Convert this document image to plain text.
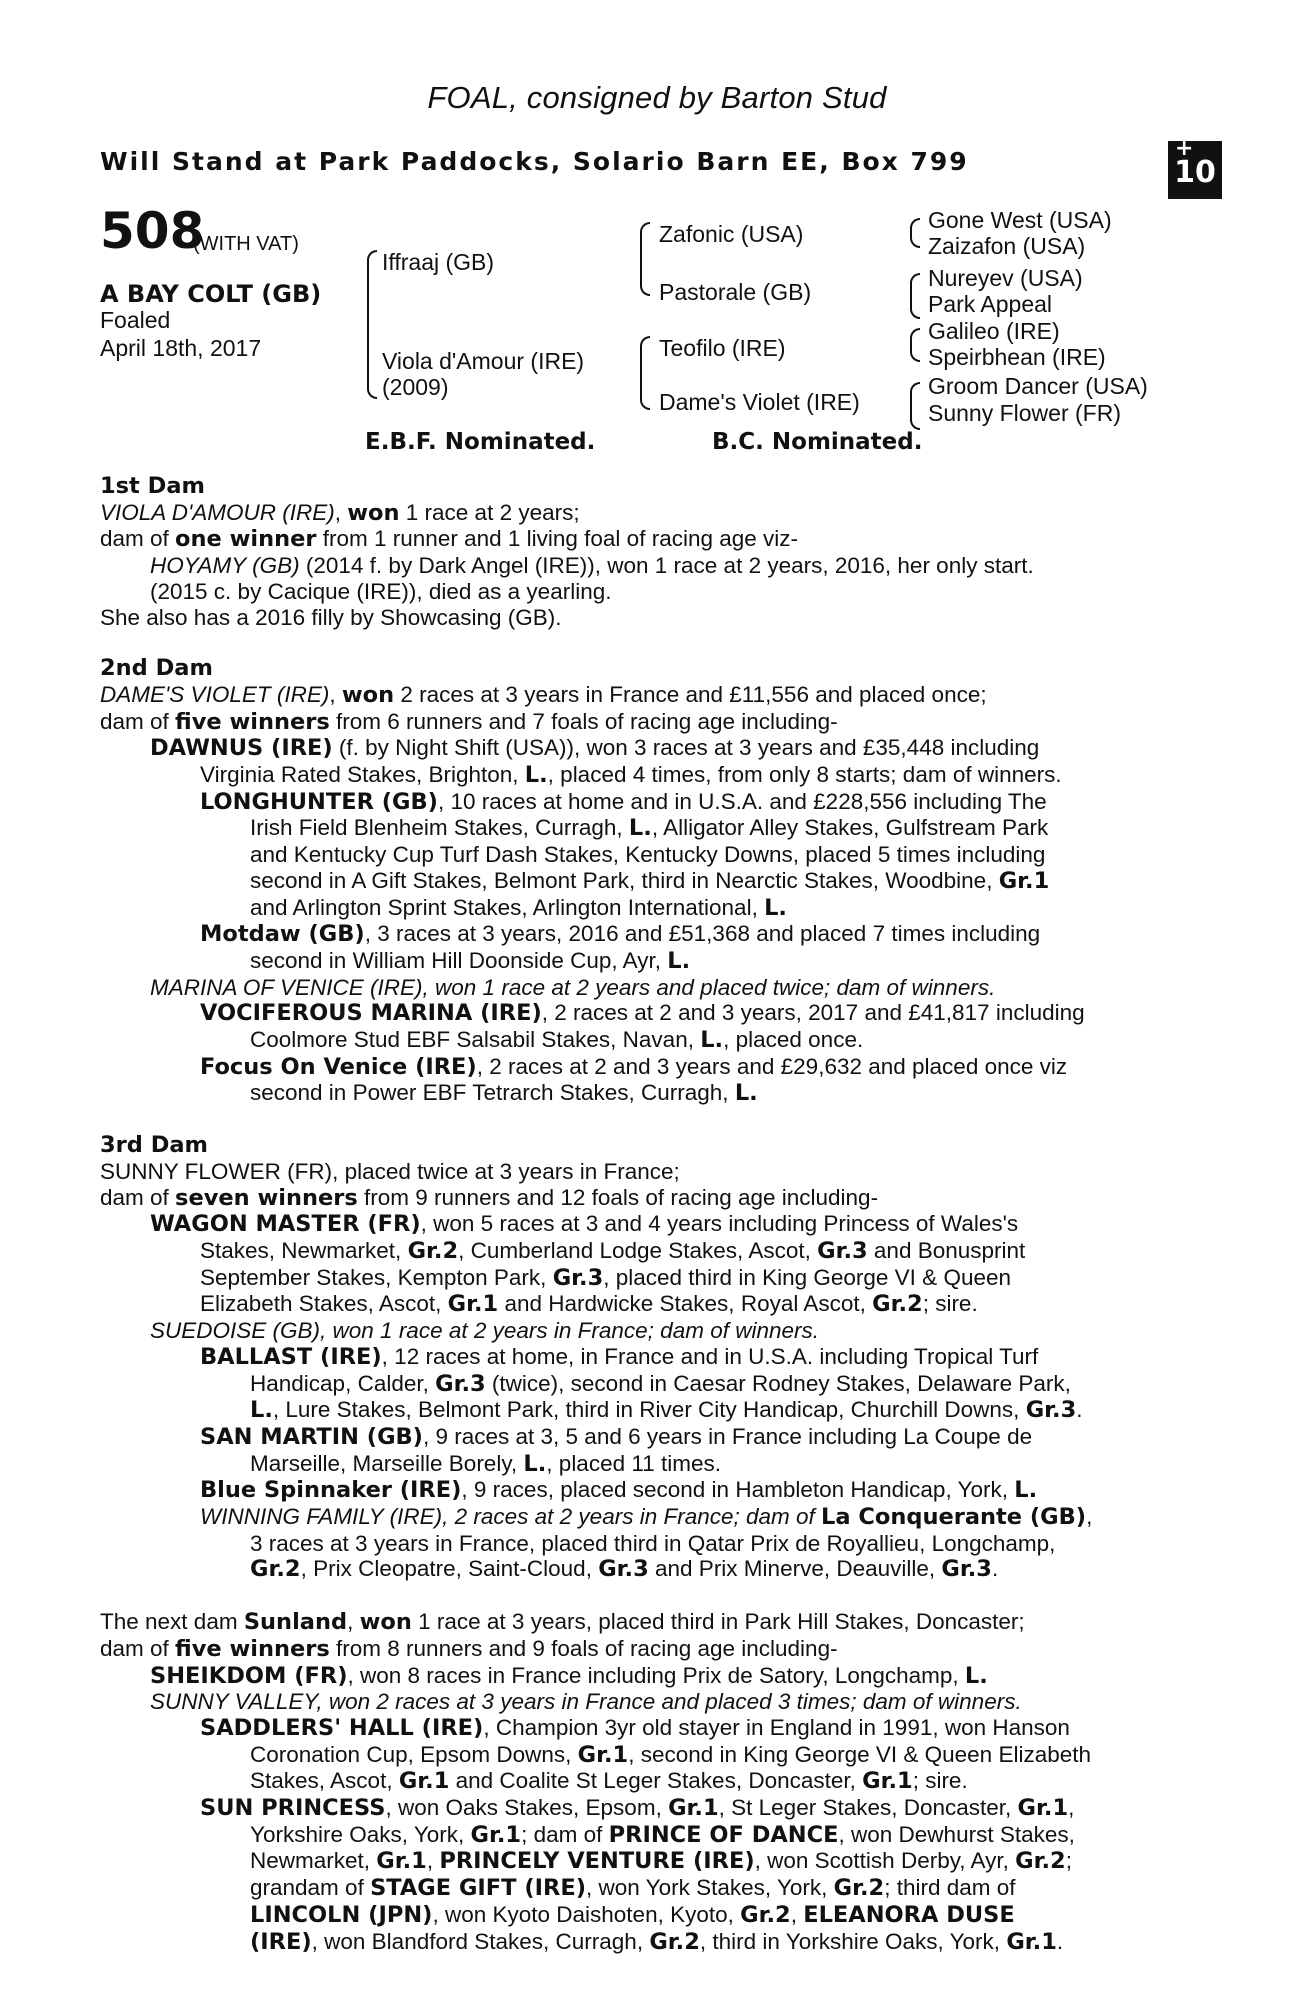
FOAL, consigned by Barton Stud
Will Stand at Park Paddocks, Solario Barn EE, Box 799	+
10
508
(WITH VAT)
A BAY COLT (GB)
Foaled
April 18th, 2017
Iffraaj (GB)
Viola d'Amour (IRE)
(2009)
Zafonic (USA)
Pastorale (GB)
Teofilo (IRE)
Dame's Violet (IRE)
Gone West (USA)
Zaizafon (USA)
Nureyev (USA)
Park Appeal
Galileo (IRE)
Speirbhean (IRE)
Groom Dancer (USA)
Sunny Flower (FR)
E.B.F. Nominated.	B.C. Nominated.
1st Dam
VIOLA D'AMOUR (IRE), won 1 race at 2 years;
dam of one winner from 1 runner and 1 living foal of racing age viz-
HOYAMY (GB) (2014 f. by Dark Angel (IRE)), won 1 race at 2 years, 2016, her only start.
(2015 c. by Cacique (IRE)), died as a yearling.
She also has a 2016 filly by Showcasing (GB).
2nd Dam
DAME'S VIOLET (IRE), won 2 races at 3 years in France and £11,556 and placed once;
dam of five winners from 6 runners and 7 foals of racing age including-
DAWNUS (IRE) (f. by Night Shift (USA)), won 3 races at 3 years and £35,448 including
Virginia Rated Stakes, Brighton, L., placed 4 times, from only 8 starts; dam of winners.
LONGHUNTER (GB), 10 races at home and in U.S.A. and £228,556 including The
Irish Field Blenheim Stakes, Curragh, L., Alligator Alley Stakes, Gulfstream Park
and Kentucky Cup Turf Dash Stakes, Kentucky Downs, placed 5 times including
second in A Gift Stakes, Belmont Park, third in Nearctic Stakes, Woodbine, Gr.1
and Arlington Sprint Stakes, Arlington International, L.
Motdaw (GB), 3 races at 3 years, 2016 and £51,368 and placed 7 times including
second in William Hill Doonside Cup, Ayr, L.
MARINA OF VENICE (IRE), won 1 race at 2 years and placed twice; dam of winners.
VOCIFEROUS MARINA (IRE), 2 races at 2 and 3 years, 2017 and £41,817 including
Coolmore Stud EBF Salsabil Stakes, Navan, L., placed once.
Focus On Venice (IRE), 2 races at 2 and 3 years and £29,632 and placed once viz
second in Power EBF Tetrarch Stakes, Curragh, L.
3rd Dam
SUNNY FLOWER (FR), placed twice at 3 years in France;
dam of seven winners from 9 runners and 12 foals of racing age including-
WAGON MASTER (FR), won 5 races at 3 and 4 years including Princess of Wales's
Stakes, Newmarket, Gr.2, Cumberland Lodge Stakes, Ascot, Gr.3 and Bonusprint
September Stakes, Kempton Park, Gr.3, placed third in King George VI & Queen
Elizabeth Stakes, Ascot, Gr.1 and Hardwicke Stakes, Royal Ascot, Gr.2; sire.
SUEDOISE (GB), won 1 race at 2 years in France; dam of winners.
BALLAST (IRE), 12 races at home, in France and in U.S.A. including Tropical Turf
Handicap, Calder, Gr.3 (twice), second in Caesar Rodney Stakes, Delaware Park,
L., Lure Stakes, Belmont Park, third in River City Handicap, Churchill Downs, Gr.3.
SAN MARTIN (GB), 9 races at 3, 5 and 6 years in France including La Coupe de
Marseille, Marseille Borely, L., placed 11 times.
Blue Spinnaker (IRE), 9 races, placed second in Hambleton Handicap, York, L.
WINNING FAMILY (IRE), 2 races at 2 years in France; dam of La Conquerante (GB),
3 races at 3 years in France, placed third in Qatar Prix de Royallieu, Longchamp,
Gr.2, Prix Cleopatre, Saint-Cloud, Gr.3 and Prix Minerve, Deauville, Gr.3.
The next dam Sunland, won 1 race at 3 years, placed third in Park Hill Stakes, Doncaster;
dam of five winners from 8 runners and 9 foals of racing age including-
SHEIKDOM (FR), won 8 races in France including Prix de Satory, Longchamp, L.
SUNNY VALLEY, won 2 races at 3 years in France and placed 3 times; dam of winners.
SADDLERS' HALL (IRE), Champion 3yr old stayer in England in 1991, won Hanson
Coronation Cup, Epsom Downs, Gr.1, second in King George VI & Queen Elizabeth
Stakes, Ascot, Gr.1 and Coalite St Leger Stakes, Doncaster, Gr.1; sire.
SUN PRINCESS, won Oaks Stakes, Epsom, Gr.1, St Leger Stakes, Doncaster, Gr.1,
Yorkshire Oaks, York, Gr.1; dam of PRINCE OF DANCE, won Dewhurst Stakes,
Newmarket, Gr.1, PRINCELY VENTURE (IRE), won Scottish Derby, Ayr, Gr.2;
grandam of STAGE GIFT (IRE), won York Stakes, York, Gr.2; third dam of
LINCOLN (JPN), won Kyoto Daishoten, Kyoto, Gr.2, ELEANORA DUSE
(IRE), won Blandford Stakes, Curragh, Gr.2, third in Yorkshire Oaks, York, Gr.1.
